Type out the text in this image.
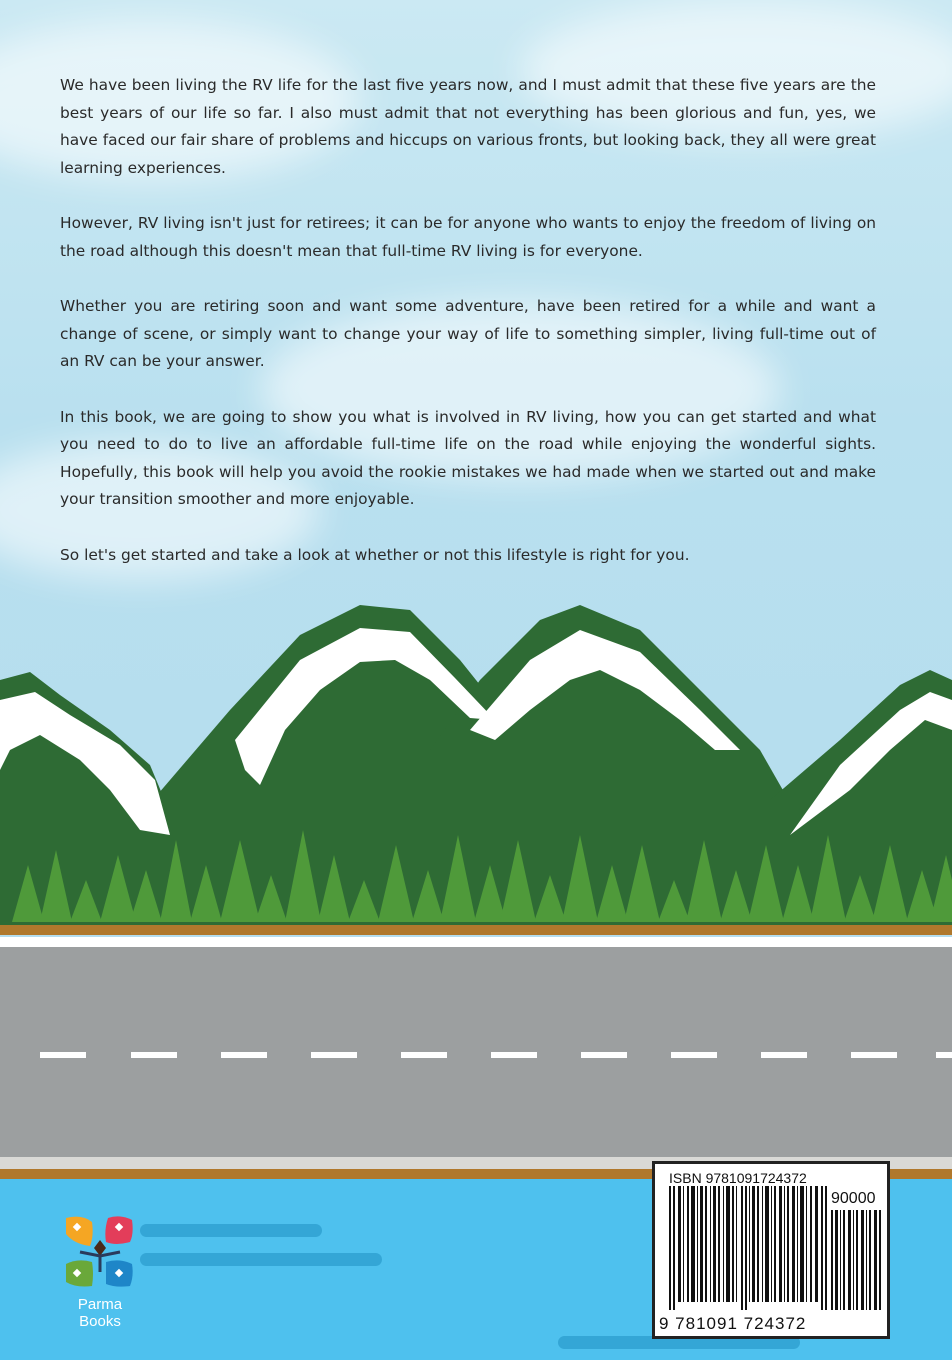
We have been living the RV life for the last five years now, and I must admit that these five years are the best years of our life so far. I also must admit that not everything has been glorious and fun, yes, we have faced our fair share of problems and hiccups on various fronts, but looking back, they all were great learning experiences.

However, RV living isn't just for retirees; it can be for anyone who wants to enjoy the freedom of living on the road although this doesn't mean that full-time RV living is for everyone.

Whether you are retiring soon and want some adventure, have been retired for a while and want a change of scene, or simply want to change your way of life to something simpler, living full-time out of an RV can be your answer.

In this book, we are going to show you what is involved in RV living, how you can get started and what you need to do to live an affordable full-time life on the road while enjoying the wonderful sights. Hopefully, this book will help you avoid the rookie mistakes we had made when we started out and make your transition smoother and more enjoyable.

So let's get started and take a look at whether or not this lifestyle is right for you.

Parma Books
ISBN 9781091724372
90000
9 781091 724372
